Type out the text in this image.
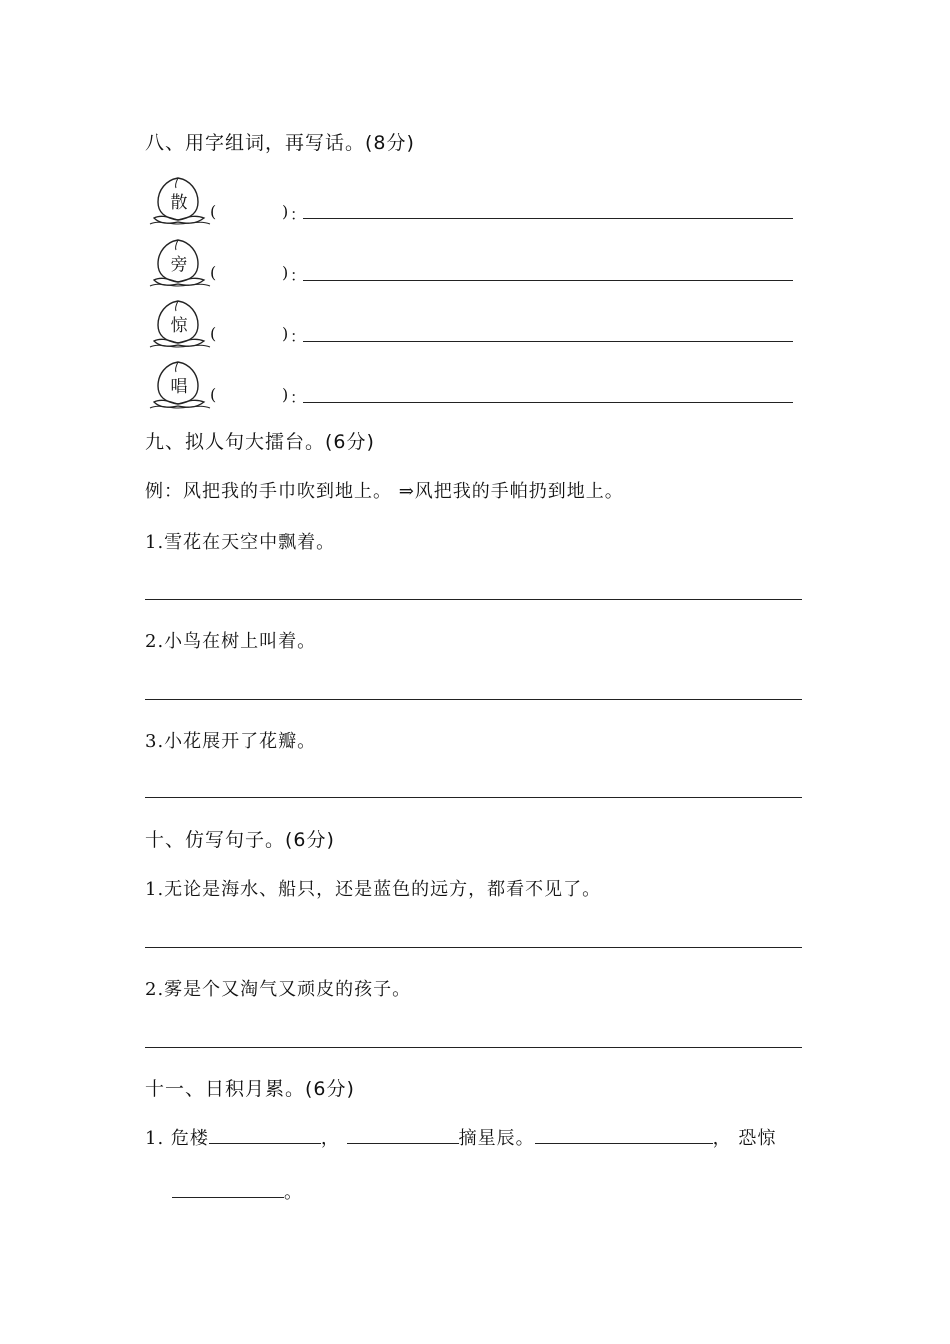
八、用字组词，再写话。(8分)
散	(	) ：
旁	(	) ：
惊	(	) ：
唱	(	) ：
九、拟人句大擂台。(6分)
例：风把我的手巾吹到地上。 ⇒风把我的手帕扔到地上。
1.雪花在天空中飘着。
2.小鸟在树上叫着。
3.小花展开了花瓣。
十、仿写句子。(6分)
1.无论是海水、船只，还是蓝色的远方，都看不见了。
2.雾是个又淘气又顽皮的孩子。
十一、日积月累。(6分)
1. 危楼	，	摘星辰。	， 恐惊
。
